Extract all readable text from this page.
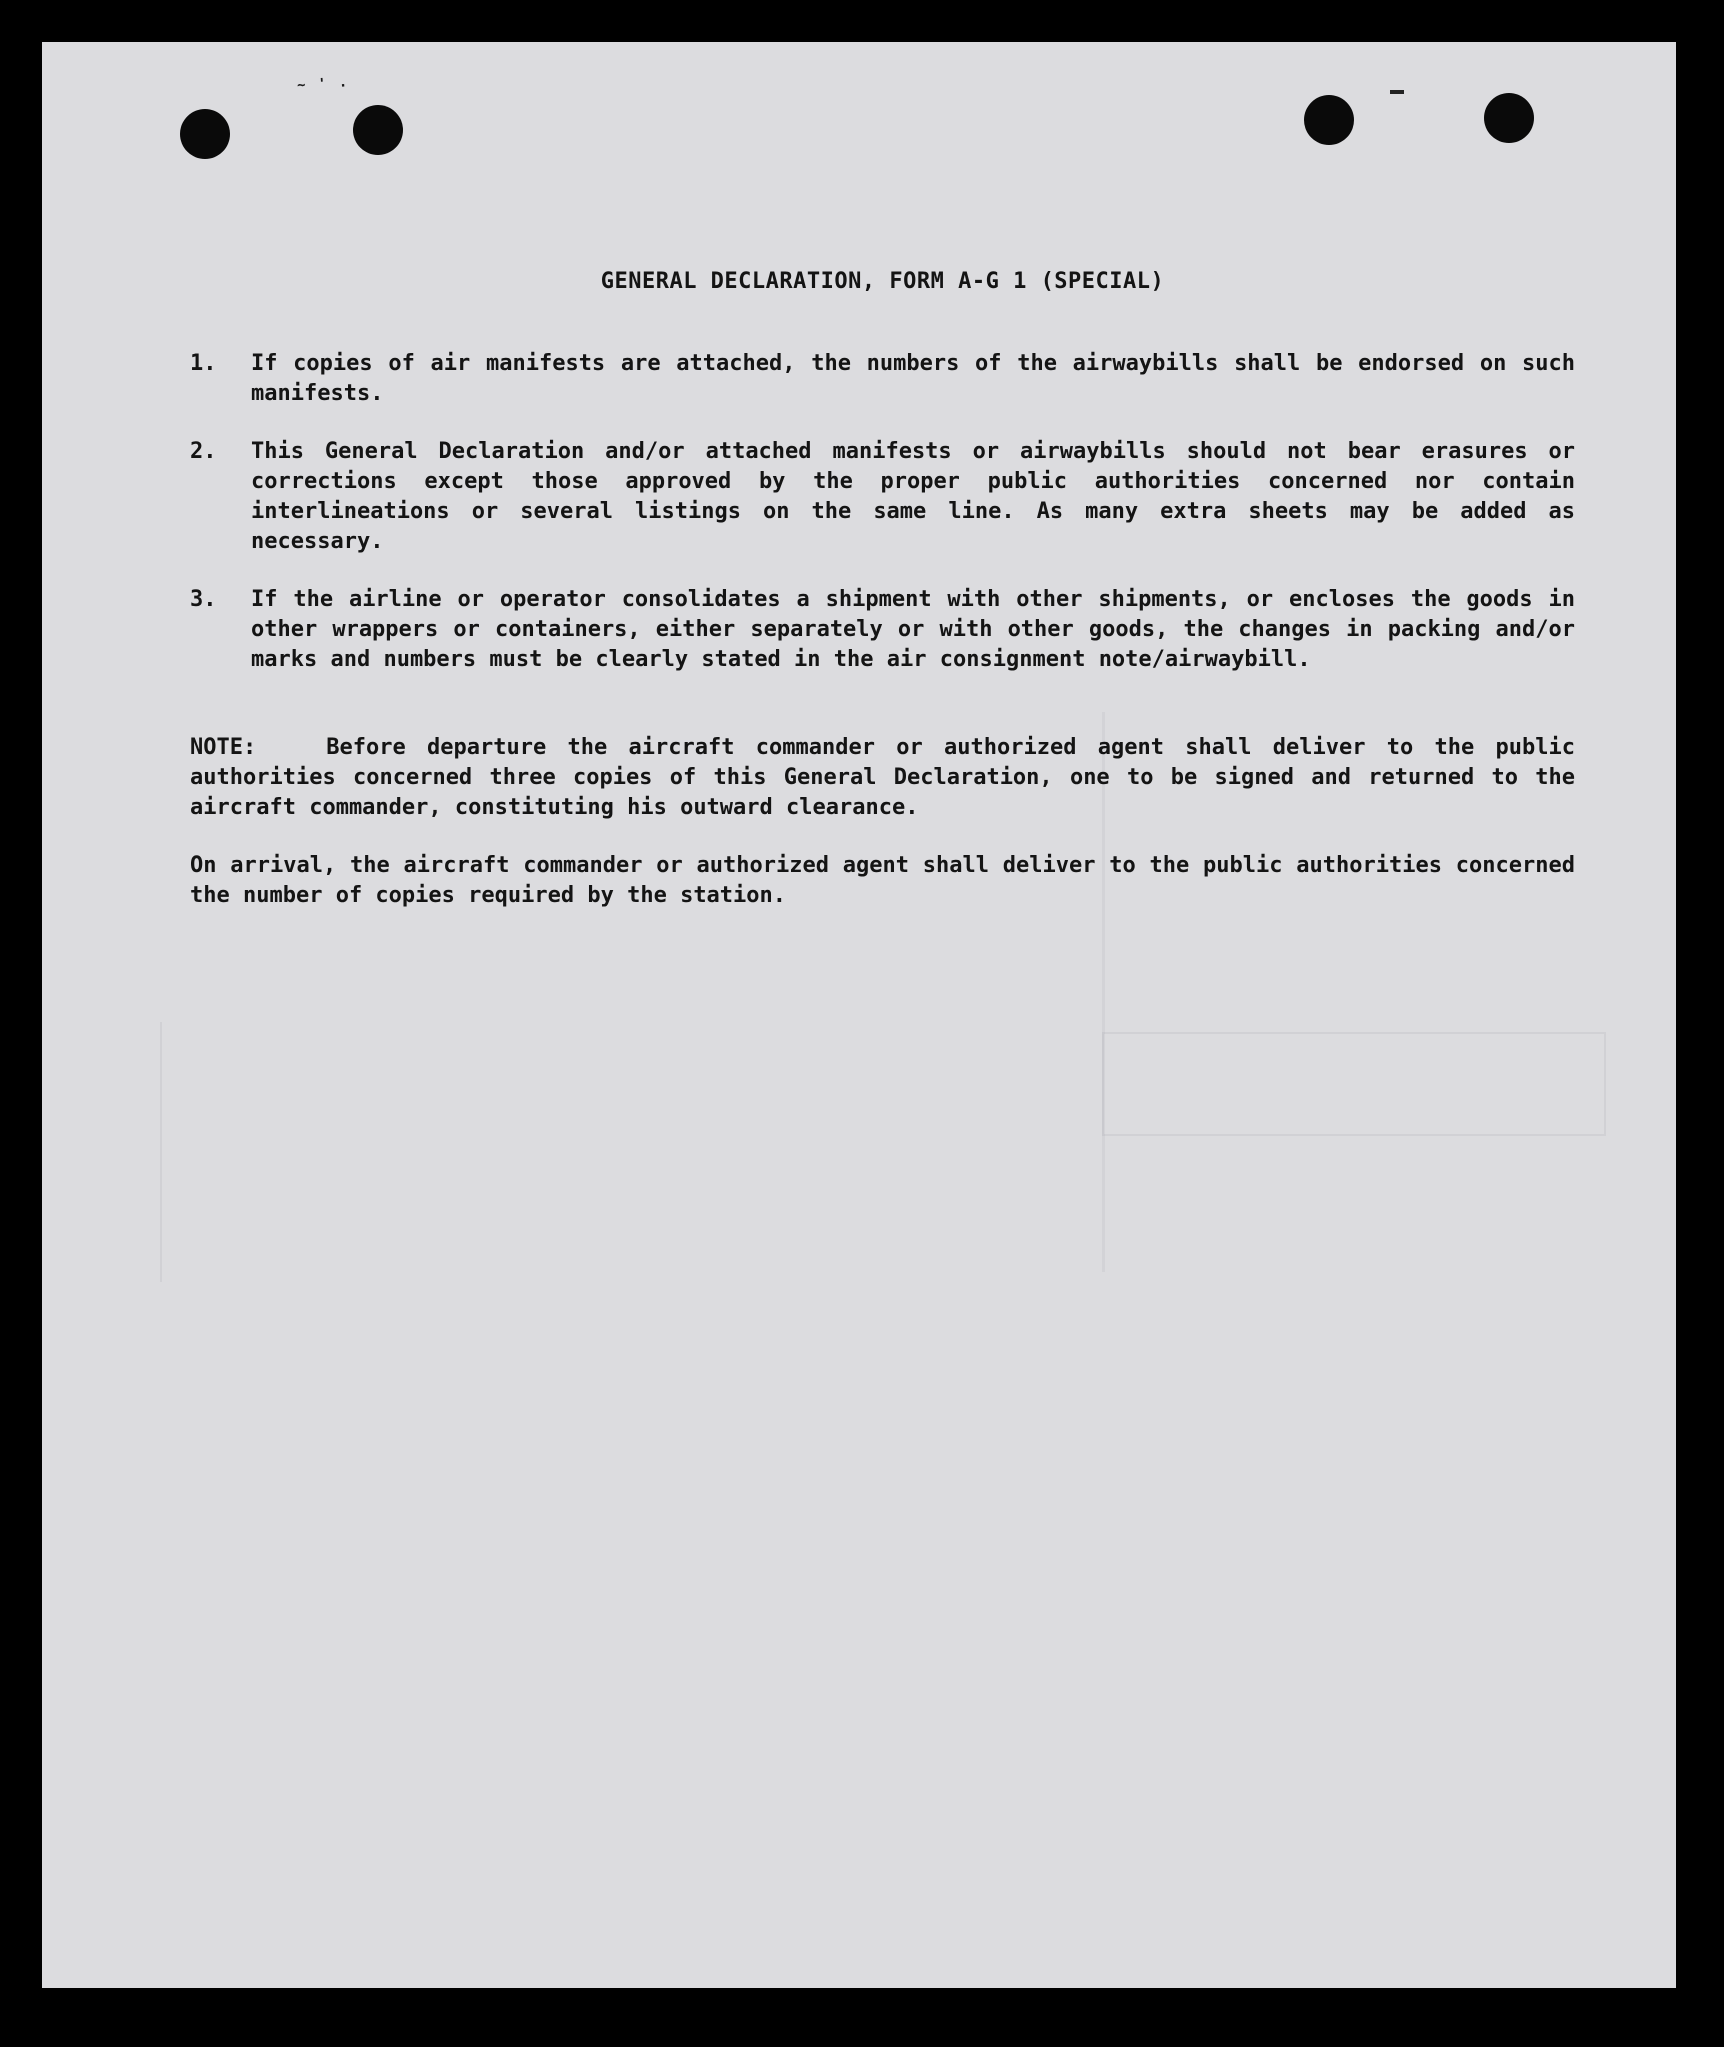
~ ' .
GENERAL DECLARATION, FORM A-G 1 (SPECIAL)
1. If copies of air manifests are attached, the numbers of the airwaybills shall be endorsed on such manifests.
2. This General Declaration and/or attached manifests or airwaybills should not bear erasures or corrections except those approved by the proper public authorities concerned nor contain interlineations or several listings on the same line. As many extra sheets may be added as necessary.
3. If the airline or operator consolidates a shipment with other shipments, or encloses the goods in other wrappers or containers, either separately or with other goods, the changes in packing and/or marks and numbers must be clearly stated in the air consignment note/airwaybill.
NOTE:	Before departure the aircraft commander or authorized agent shall deliver to the public authorities concerned three copies of this General Declaration, one to be signed and returned to the aircraft commander, constituting his outward clearance.
On arrival, the aircraft commander or authorized agent shall deliver to the public authorities concerned the number of copies required by the station.
